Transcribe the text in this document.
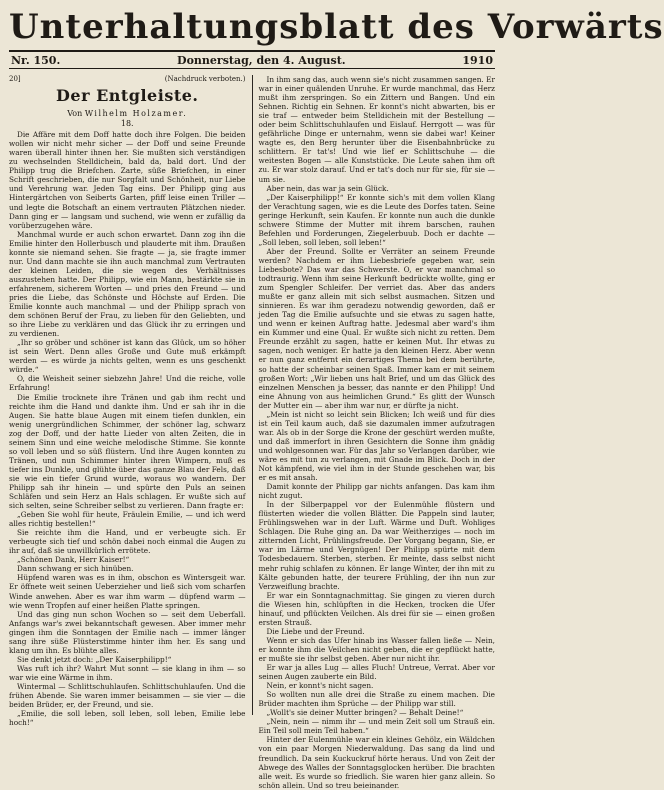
Unterhaltungsblatt des Vorwärts
Nr. 150.	Donnerstag, den 4. August.	1910
20]	(Nachdruck verboten.)
Der Entgleiste.
Von Wilhelm Holzamer.
18.

Die Affäre mit dem Doff hatte doch ihre Folgen. Die beiden wollen wir nicht mehr sicher — der Doff und seine Freunde waren überall hinter ihnen her. Sie mußten sich verständigen zu wechselnden Stelldichein, bald da, bald dort. Und der Philipp trug die Briefchen. Zarte, süße Briefchen, in einer Schrift geschrieben, die nur Sorgfalt und Schönheit, nur Liebe und Verehrung war. Jeden Tag eins. Der Philipp ging aus Hintergärtchen von Seiberts Garten, pfiff leise einen Triller — und legte die Botschaft an einem vertrauten Plätzchen nieder. Dann ging er — langsam und suchend, wie wenn er zufällig da vorüberzugehen wäre.

Manchmal wurde er auch schon erwartet. Dann zog ihn die Emilie hinter den Hollerbusch und plauderte mit ihm. Draußen konnte sie niemand sehen. Sie fragte — ja, sie fragte immer nur. Und dann machte sie ihn auch manchmal zum Vertrauten der kleinen Leiden, die sie wegen des Verhältnisses auszustehen hatte. Der Philipp, wie ein Mann, bestärkte sie in erfahrenem, sicherem Worten — und pries den Freund — und pries die Liebe, das Schönste und Höchste auf Erden. Die Emilie konnte auch manchmal — und der Philipp sprach von dem schönen Beruf der Frau, zu lieben für den Geliebten, und so ihre Liebe zu verklären und das Glück ihr zu erringen und zu verdienen.

„Ihr so gröber und schöner ist kann das Glück, um so höher ist sein Wert. Denn alles Große und Gute muß erkämpft werden — es würde ja nichts gelten, wenn es uns geschenkt würde.“

O, die Weisheit seiner siebzehn Jahre! Und die reiche, volle Erfahrung!

Die Emilie trocknete ihre Tränen und gab ihm recht und reichte ihm die Hand und dankte ihm. Und er sah ihr in die Augen. Sie hatte blaue Augen mit einem tiefen dunklen, ein wenig unergründlichen Schimmer, der schöner lag, schwarz zog der Doff, und der hatte Lieder von alten Zeiten, die in seinem Sinn und eine weiche melodische Stimme. Sie konnte so voll leben und so süß flüstern. Und ihre Augen konnten zu Tränen, und nun Schimmer hinter ihren Wimpern, muß es tiefer ins Dunkle, und glühte über das ganze Blau der Fels, daß sie wie ein tiefer Grund wurde, woraus wo wandern. Der Philipp sah ihr hinein — und spürte den Puls an seinen Schläfen und sein Herz an Hals schlagen. Er wußte sich auf sich selten, seine Schreiber selbst zu verlieren. Dann fragte er:

„Geben Sie wohl für heute, Fräulein Emilie, — und ich werd alles richtig bestellen!“

Sie reichte ihm die Hand, und er verbeugte sich. Er verbeugte sich tief und schön dabei noch einmal die Augen zu ihr auf, daß sie unwillkürlich errötete.

„Schönen Dank, Herr Kaiser!“

Dann schwang er sich hinüben.

Hüpfend waren was es in ihm, obschon es Wintersgeit war. Er öffnete weit seinen Ueberzieher und ließ sich vom scharfen Winde anwehen. Aber es war ihm warm — düpfend warm — wie wenn Tropfen auf einer heißen Platte springen.

Und das ging nun schon Wochen so — seit dem Ueberfall. Anfangs war's zwei bekanntschaft gewesen. Aber immer mehr gingen ihm die Sonntagen der Emilie nach — immer länger sang ihre süße Flüsterstimme hinter ihm her. Es sang und klang um ihn. Es blühte alles.

Sie denkt jetzt doch: „Der Kaiserphilipp!“

Was ruft ich ihr? Wahrt Mut sonnt — sie klang in ihm — so war wie eine Wärme in ihm.

Wintermal — Schlittschuhlaufen. Schlittschuhlaufen. Und die frühen Abende. Sie waren immer beisammen — sie vier — die beiden Brüder, er, der Freund, und sie.

„Emilie, die soll leben, soll leben, soll leben, Emilie lebe hoch!“

In ihm sang das, auch wenn sie's nicht zusammen sangen. Er war in einer quälenden Unruhe. Er wurde manchmal, das Herz mußt ihm zerspringen. So ein Zittern und Bangen. Und ein Sehnen. Richtig ein Sehnen. Er konnt's nicht abwarten, bis er sie traf — entweder beim Stelldichein mit der Bestellung — oder beim Schlittschuhlaufen und Eislauf. Herrgott — was für gefährliche Dinge er unternahm, wenn sie dabei war! Keiner wagte es, den Berg herunter über die Eisenbahnbrücke zu schlittern. Er tat's! Und wie lief er Schlittschuhe — die weitesten Bogen — alle Kunststücke. Die Leute sahen ihm oft zu. Er war stolz darauf. Und er tat's doch nur für sie, für sie — um sie.

Aber nein, das war ja sein Glück.

„Der Kaiserphilipp!“ Er konnte sich's mit dem vollen Klang der Verachtung sagen, wie es die Leute des Dorfes taten. Seine geringe Herkunft, sein Kaufen. Er konnte nun auch die dunkle schwere Stimme der Mutter mit ihrem barschen, rauhen Befehlen und Forderungen, Ziegelerbuub. Doch er dachte — „Soll leben, soll leben, soll leben!“

Aber der Freund. Sollte er Verräter an seinem Freunde werden? Nachdem er ihm Liebesbriefe gegeben war, sein Liebesbote? Das war das Schwerste. O, er war manchmal so todtraurig. Wenn ihm seine Herkunft bedrückte wollte, ging er zum Spengler Schleifer. Der verriet das. Aber das anders mußte er ganz allein mit sich selbst ausmachen. Sitzen und sinnieren. Es war ihm geradezu notwendig geworden, daß er jeden Tag die Emilie aufsuchte und sie etwas zu sagen hatte, und wenn er keinen Auftrag hatte. Jedesmal aber ward's ihm ein Kummer und eine Qual. Er wußte sich nicht zu retten. Dem Freunde erzählt zu sagen, hatte er keinen Mut. Ihr etwas zu sagen, noch weniger. Er hatte ja den kleinen Herz. Aber wenn er nun ganz entfernt ein derartiges Thema bei dem berührte, so hatte der scheinbar seinen Spaß. Immer kam er mit seinem großen Wort: „Wir lieben uns halt Brief, und um das Glück des einzelnen Menschen ja besser, das nannte er den Philipp! Und eine Ahnung von aus heimlichen Grund.“ Es glitt der Wunsch der Mutter ein — aber ihm war nur, er dürfte ja nicht.

„Mein ist nicht so leicht sein Blicken; Ich weiß und für dies ist ein Teil kaum auch, daß sie dazumalen immer aufzutragen war. Als ob in der Sorge die Krone der geschürt werden mußte, und daß immerfort in ihren Gesichtern die Sonne ihm gnädig und wohlgesonnen war. Für das Jahr so Verlangen darüber, wie wäre es mit tun zu verlangen, mit Gnade im Blick. Doch in der Not kämpfend, wie viel ihm in der Stunde geschehen war, bis er es mit ansah.

Damit konnte der Philipp gar nichts anfangen. Das kam ihm nicht zugut.

In der Silberpappel vor der Eulenmühle flüstern und flüsterten wieder die vollen Blätter. Die Pappeln sind lauter, Frühlingswehen war in der Luft. Wärme und Duft. Wohliges Schlagen. Die Ruhe ging an. Da war Weitherziges — noch im zitternden Licht, Frühlingsfreude. Der Vorgang begann, Sie, er war im Lärme und Vergnügen! Der Philipp spürte mit dem Todesbedauern. Sterben, sterben. Er meinte, dass selbst nicht mehr ruhig schlafen zu können. Er lange Winter, der ihn mit zu Kälte gebunden hatte, der teurere Frühling, der ihn nun zur Verzweiflung brachte.

Er war ein Sonntagnachmittag. Sie gingen zu vieren durch die Wiesen hin, schlüpften in die Hecken, trocken die Ufer hinauf, und pflückten Veilchen. Als drei für sie — einen großen ersten Strauß.

Die Liebe und der Freund.

Wenn er sich das Ufer hinab ins Wasser fallen ließe — Nein, er konnte ihm die Veilchen nicht geben, die er gepflückt hatte, er mußte sie ihr selbst geben. Aber nur nicht ihr.

Er war ja alles Lug — alles Fluch! Untreue, Verrat. Aber vor seinen Augen zauberte ein Bild.

Nein, er konnt's nicht sagen.

So wollten nun alle drei die Straße zu einem machen. Die Brüder machten ihm Sprüche — der Philipp war still.

„Wollt's sie deiner Mutter bringen? — Behalt Deine!“

„Nein, nein — nimm ihr — und mein Zeit soll um Strauß ein. Ein Teil soll mein Teil haben.“

Hinter der Eulenmühle war ein kleines Gehölz, ein Wäldchen von ein paar Morgen Niederwaldung. Das sang da lind und freundlich. Da sein Kuckuckruf hörte heraus. Und von Zeit der Abwege des Walles der Sonntagsglocken herüber. Die brachten alle weit. Es wurde so friedlich. Sie waren hier ganz allein. So schön allein. Und so treu beieinander.
